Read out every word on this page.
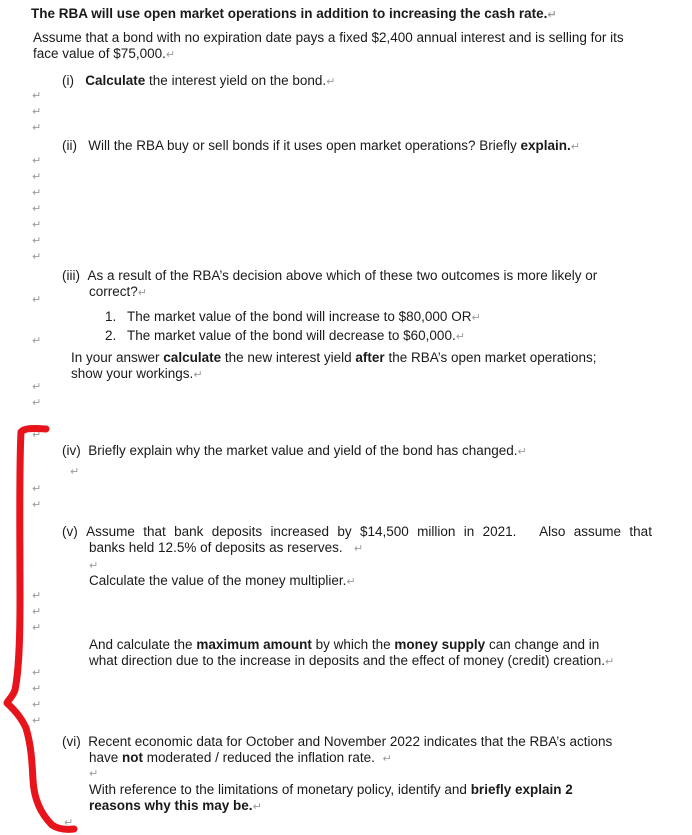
The RBA will use open market operations in addition to increasing the cash rate.↵
Assume that a bond with no expiration date pays a fixed $2,400 annual interest and is selling for its
face value of $75,000.↵
(i) Calculate the interest yield on the bond.↵
(ii) Will the RBA buy or sell bonds if it uses open market operations? Briefly explain.↵
(iii) As a result of the RBA’s decision above which of these two outcomes is more likely or
correct?↵
1. The market value of the bond will increase to $80,000 OR↵
2. The market value of the bond will decrease to $60,000.↵
In your answer calculate the new interest yield after the RBA’s open market operations;
show your workings.↵
(iv) Briefly explain why the market value and yield of the bond has changed.↵
↵
(v) Assume that bank deposits increased by $14,500 million in 2021. Also assume that
banks held 12.5% of deposits as reserves. ↵
↵
Calculate the value of the money multiplier.↵
And calculate the maximum amount by which the money supply can change and in
what direction due to the increase in deposits and the effect of money (credit) creation.↵
(vi) Recent economic data for October and November 2022 indicates that the RBA’s actions
have not moderated / reduced the inflation rate. ↵
↵
With reference to the limitations of monetary policy, identify and briefly explain 2
reasons why this may be.↵
↵
↵
↵
↵
↵
↵
↵
↵
↵
↵
↵
↵
↵
↵
↵
↵
↵
↵
↵
↵
↵
↵
↵
↵
↵
